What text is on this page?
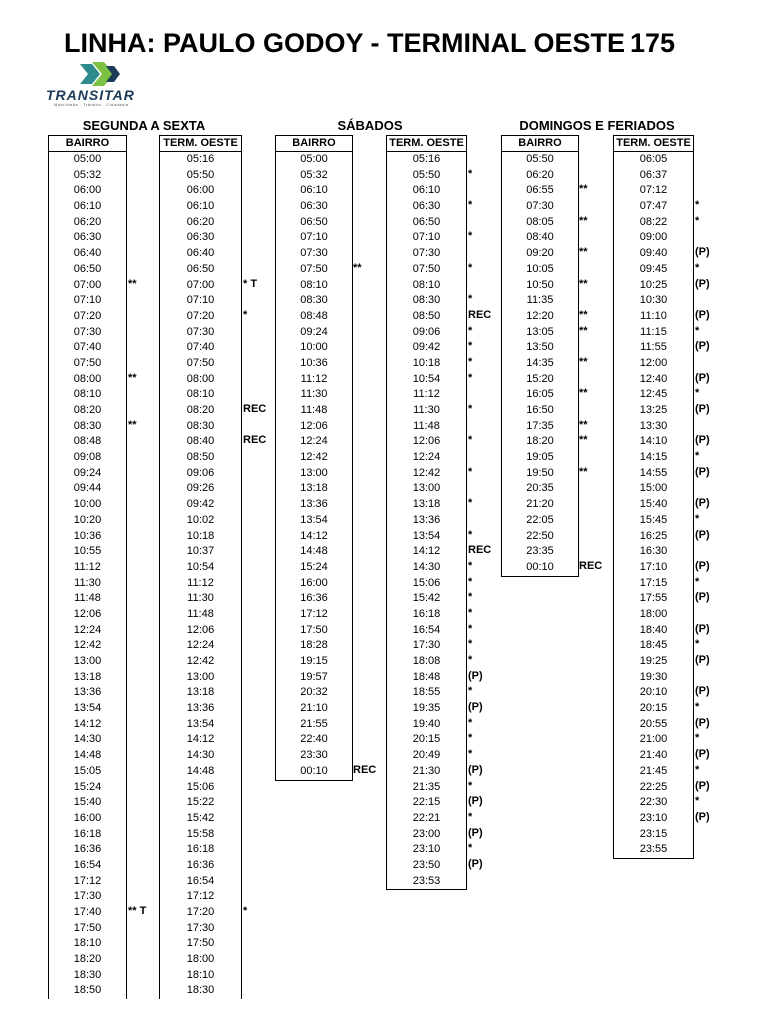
LINHA: PAULO GODOY - TERMINAL OESTE 175
TRANSITAR
Mobilidade . Trânsito . Cidadania
SEGUNDA A SEXTA	SÁBADOS	DOMINGOS E FERIADOS
BAIRRO
05:00
05:32
06:00
06:10
06:20
06:30
06:40
06:50
07:00
07:10
07:20
07:30
07:40
07:50
08:00
08:10
08:20
08:30
08:48
09:08
09:24
09:44
10:00
10:20
10:36
10:55
11:12
11:30
11:48
12:06
12:24
12:42
13:00
13:18
13:36
13:54
14:12
14:30
14:48
15:05
15:24
15:40
16:00
16:18
16:36
16:54
17:12
17:30
17:40
17:50
18:10
18:20
18:30
18:50

**

**

**

** T

TERM. OESTE
05:16
05:50
06:00
06:10
06:20
06:30
06:40
06:50
07:00
07:10
07:20
07:30
07:40
07:50
08:00
08:10
08:20
08:30
08:40
08:50
09:06
09:26
09:42
10:02
10:18
10:37
10:54
11:12
11:30
11:48
12:06
12:24
12:42
13:00
13:18
13:36
13:54
14:12
14:30
14:48
15:06
15:22
15:42
15:58
16:18
16:36
16:54
17:12
17:20
17:30
17:50
18:00
18:10
18:30

* T

*

REC

REC

*

BAIRRO
05:00
05:32
06:10
06:30
06:50
07:10
07:30
07:50
08:10
08:30
08:48
09:24
10:00
10:36
11:12
11:30
11:48
12:06
12:24
12:42
13:00
13:18
13:36
13:54
14:12
14:48
15:24
16:00
16:36
17:12
17:50
18:28
19:15
19:57
20:32
21:10
21:55
22:40
23:30
00:10

**

REC
TERM. OESTE
05:16
05:50
06:10
06:30
06:50
07:10
07:30
07:50
08:10
08:30
08:50
09:06
09:42
10:18
10:54
11:12
11:30
11:48
12:06
12:24
12:42
13:00
13:18
13:36
13:54
14:12
14:30
15:06
15:42
16:18
16:54
17:30
18:08
18:48
18:55
19:35
19:40
20:15
20:49
21:30
21:35
22:15
22:21
23:00
23:10
23:50
23:53

*

*

*

*

*
REC
*
*
*
*

*

*

*

*

*
REC
*
*
*
*
*
*
*
(P)
*
(P)
*
*
*
(P)
*
(P)
*
(P)
*
(P)

BAIRRO
05:50
06:20
06:55
07:30
08:05
08:40
09:20
10:05
10:50
11:35
12:20
13:05
13:50
14:35
15:20
16:05
16:50
17:35
18:20
19:05
19:50
20:35
21:20
22:05
22:50
23:35
00:10

**

**

**

**

**
**

**

**

**
**

**

REC
TERM. OESTE
06:05
06:37
07:12
07:47
08:22
09:00
09:40
09:45
10:25
10:30
11:10
11:15
11:55
12:00
12:40
12:45
13:25
13:30
14:10
14:15
14:55
15:00
15:40
15:45
16:25
16:30
17:10
17:15
17:55
18:00
18:40
18:45
19:25
19:30
20:10
20:15
20:55
21:00
21:40
21:45
22:25
22:30
23:10
23:15
23:55

*
*

(P)
*
(P)

(P)
*
(P)

(P)
*
(P)

(P)
*
(P)

(P)
*
(P)

(P)
*
(P)

(P)
*
(P)

(P)
*
(P)
*
(P)
*
(P)
*
(P)
